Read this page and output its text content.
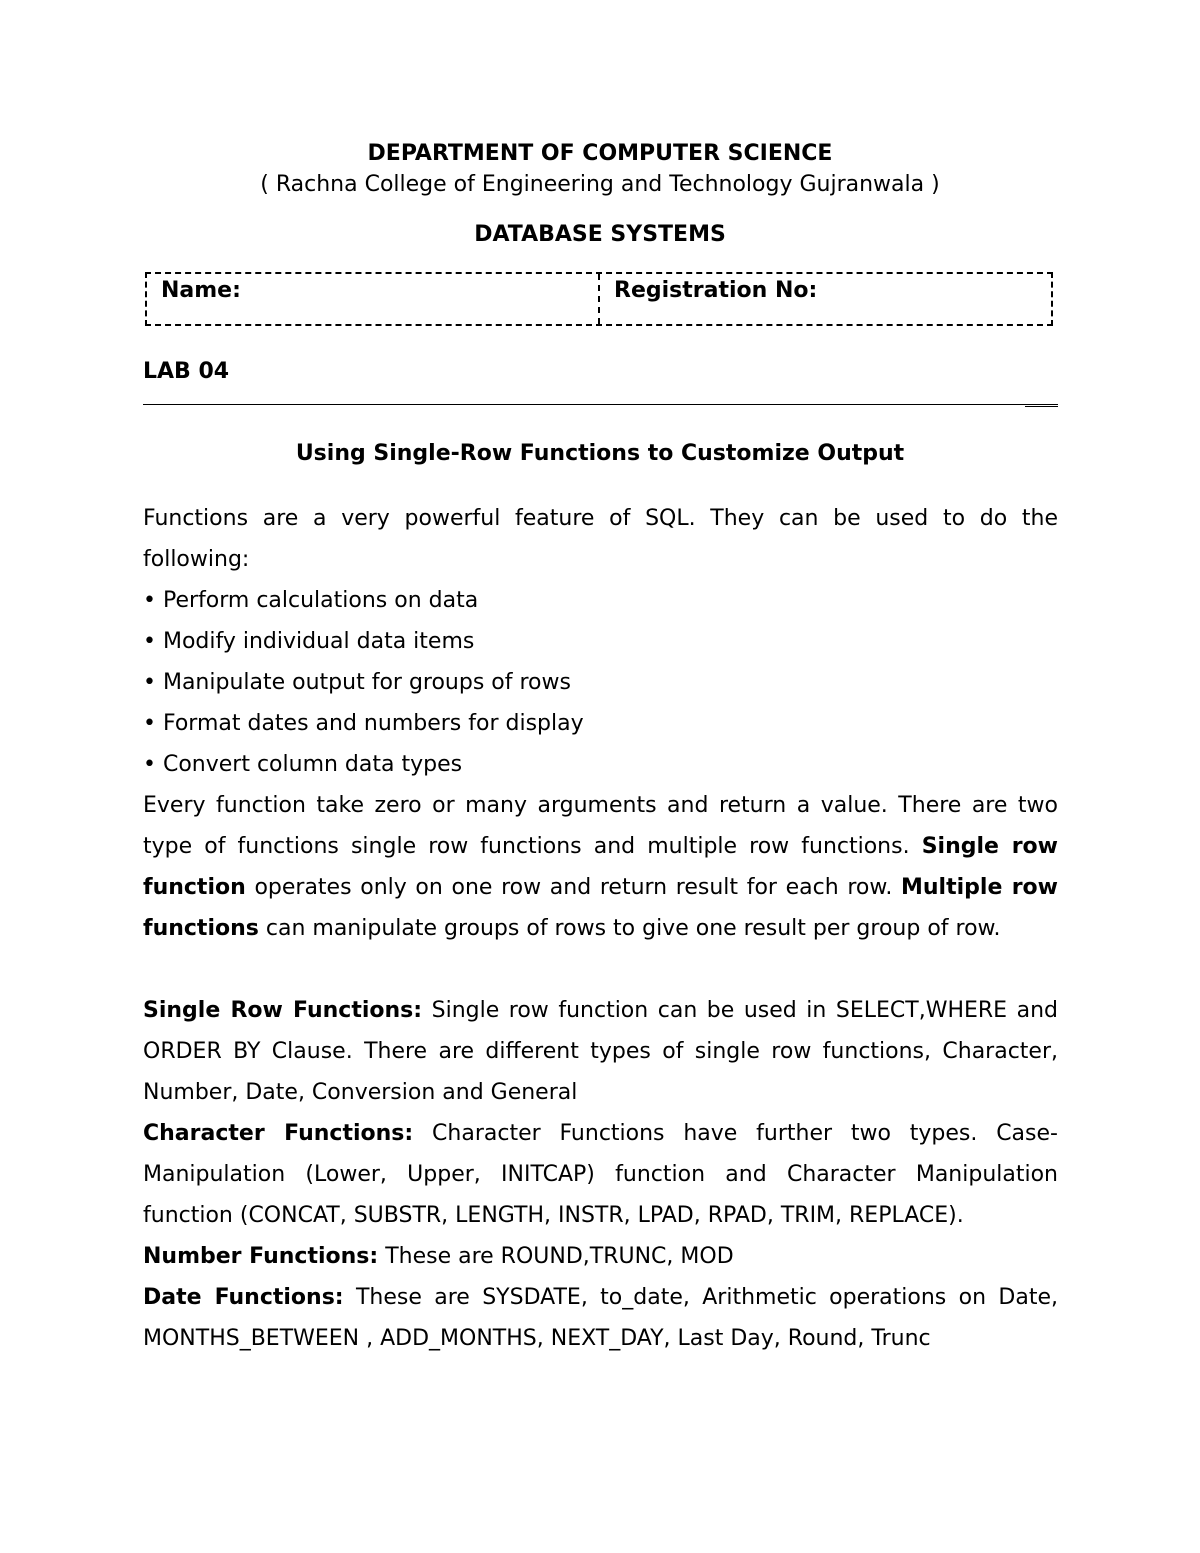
DEPARTMENT OF COMPUTER SCIENCE
( Rachna College of Engineering and Technology Gujranwala )
DATABASE SYSTEMS
Name:	Registration No:
LAB 04
Using Single-Row Functions to Customize Output

Functions are a very powerful feature of SQL. They can be used to do the

following:

• Perform calculations on data

• Modify individual data items

• Manipulate output for groups of rows

• Format dates and numbers for display

• Convert column data types

Every function take zero or many arguments and return a value. There are two type of functions single row functions and multiple row functions. Single row function operates only on one row and return result for each row. Multiple row functions can manipulate groups of rows to give one result per group of row.

Single Row Functions: Single row function can be used in SELECT,WHERE and ORDER BY Clause. There are different types of single row functions, Character, Number, Date, Conversion and General

Character Functions: Character Functions have further two types. Case-Manipulation (Lower, Upper, INITCAP) function and Character Manipulation function (CONCAT, SUBSTR, LENGTH, INSTR, LPAD, RPAD, TRIM, REPLACE).

Number Functions: These are ROUND,TRUNC, MOD

Date Functions: These are SYSDATE, to_date, Arithmetic operations on Date, MONTHS_BETWEEN , ADD_MONTHS, NEXT_DAY, Last Day, Round, Trunc
